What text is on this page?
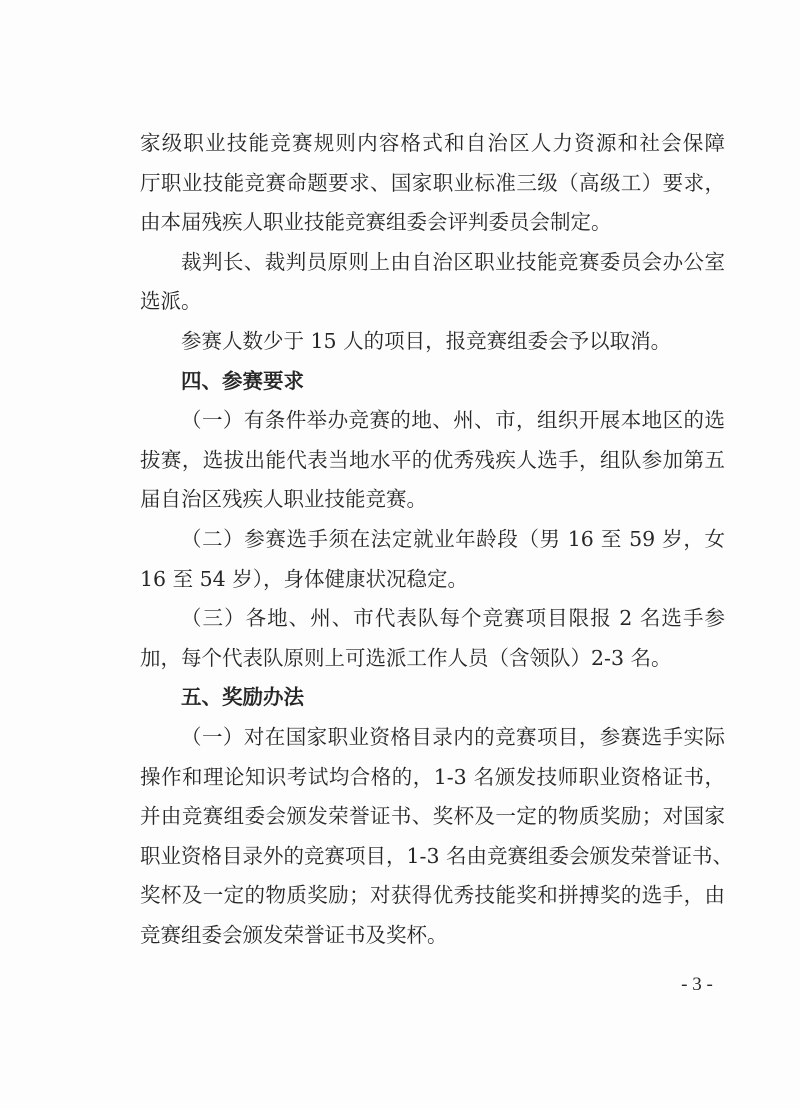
家级职业技能竞赛规则内容格式和自治区人力资源和社会保障
厅职业技能竞赛命题要求、国家职业标准三级（高级工）要求，
由本届残疾人职业技能竞赛组委会评判委员会制定。
裁判长、裁判员原则上由自治区职业技能竞赛委员会办公室
选派。
参赛人数少于 15 人的项目，报竞赛组委会予以取消。
四、参赛要求
（一）有条件举办竞赛的地、州、市，组织开展本地区的选
拔赛，选拔出能代表当地水平的优秀残疾人选手，组队参加第五
届自治区残疾人职业技能竞赛。
（二）参赛选手须在法定就业年龄段（男 16 至 59 岁，女
16 至 54 岁），身体健康状况稳定。
（三）各地、州、市代表队每个竞赛项目限报 2 名选手参
加，每个代表队原则上可选派工作人员（含领队）2-3 名。
五、奖励办法
（一）对在国家职业资格目录内的竞赛项目，参赛选手实际
操作和理论知识考试均合格的，1-3 名颁发技师职业资格证书，
并由竞赛组委会颁发荣誉证书、奖杯及一定的物质奖励；对国家
职业资格目录外的竞赛项目，1-3 名由竞赛组委会颁发荣誉证书、
奖杯及一定的物质奖励；对获得优秀技能奖和拼搏奖的选手，由
竞赛组委会颁发荣誉证书及奖杯。
- 3 -
